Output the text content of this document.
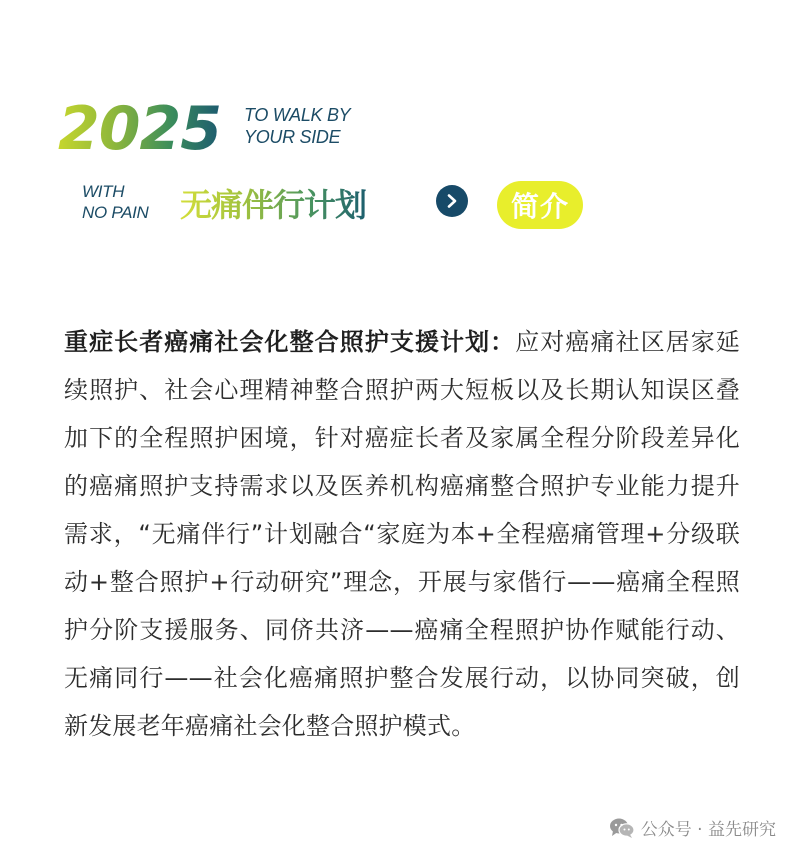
2025 TO WALK BY
YOUR SIDE
WITH
NO PAIN 无痛伴行计划	简介
重症长者癌痛社会化整合照护支援计划：应对癌痛社区居家延续照护、社会心理精神整合照护两大短板以及长期认知误区叠加下的全程照护困境，针对癌症长者及家属全程分阶段差异化的癌痛照护支持需求以及医养机构癌痛整合照护专业能力提升需求，“无痛伴行”计划融合“家庭为本+全程癌痛管理+分级联动+整合照护+行动研究”理念，开展与家偕行——癌痛全程照护分阶支援服务、同侪共济——癌痛全程照护协作赋能行动、无痛同行——社会化癌痛照护整合发展行动，以协同突破，创新发展老年癌痛社会化整合照护模式。
公众号 · 益先研究
